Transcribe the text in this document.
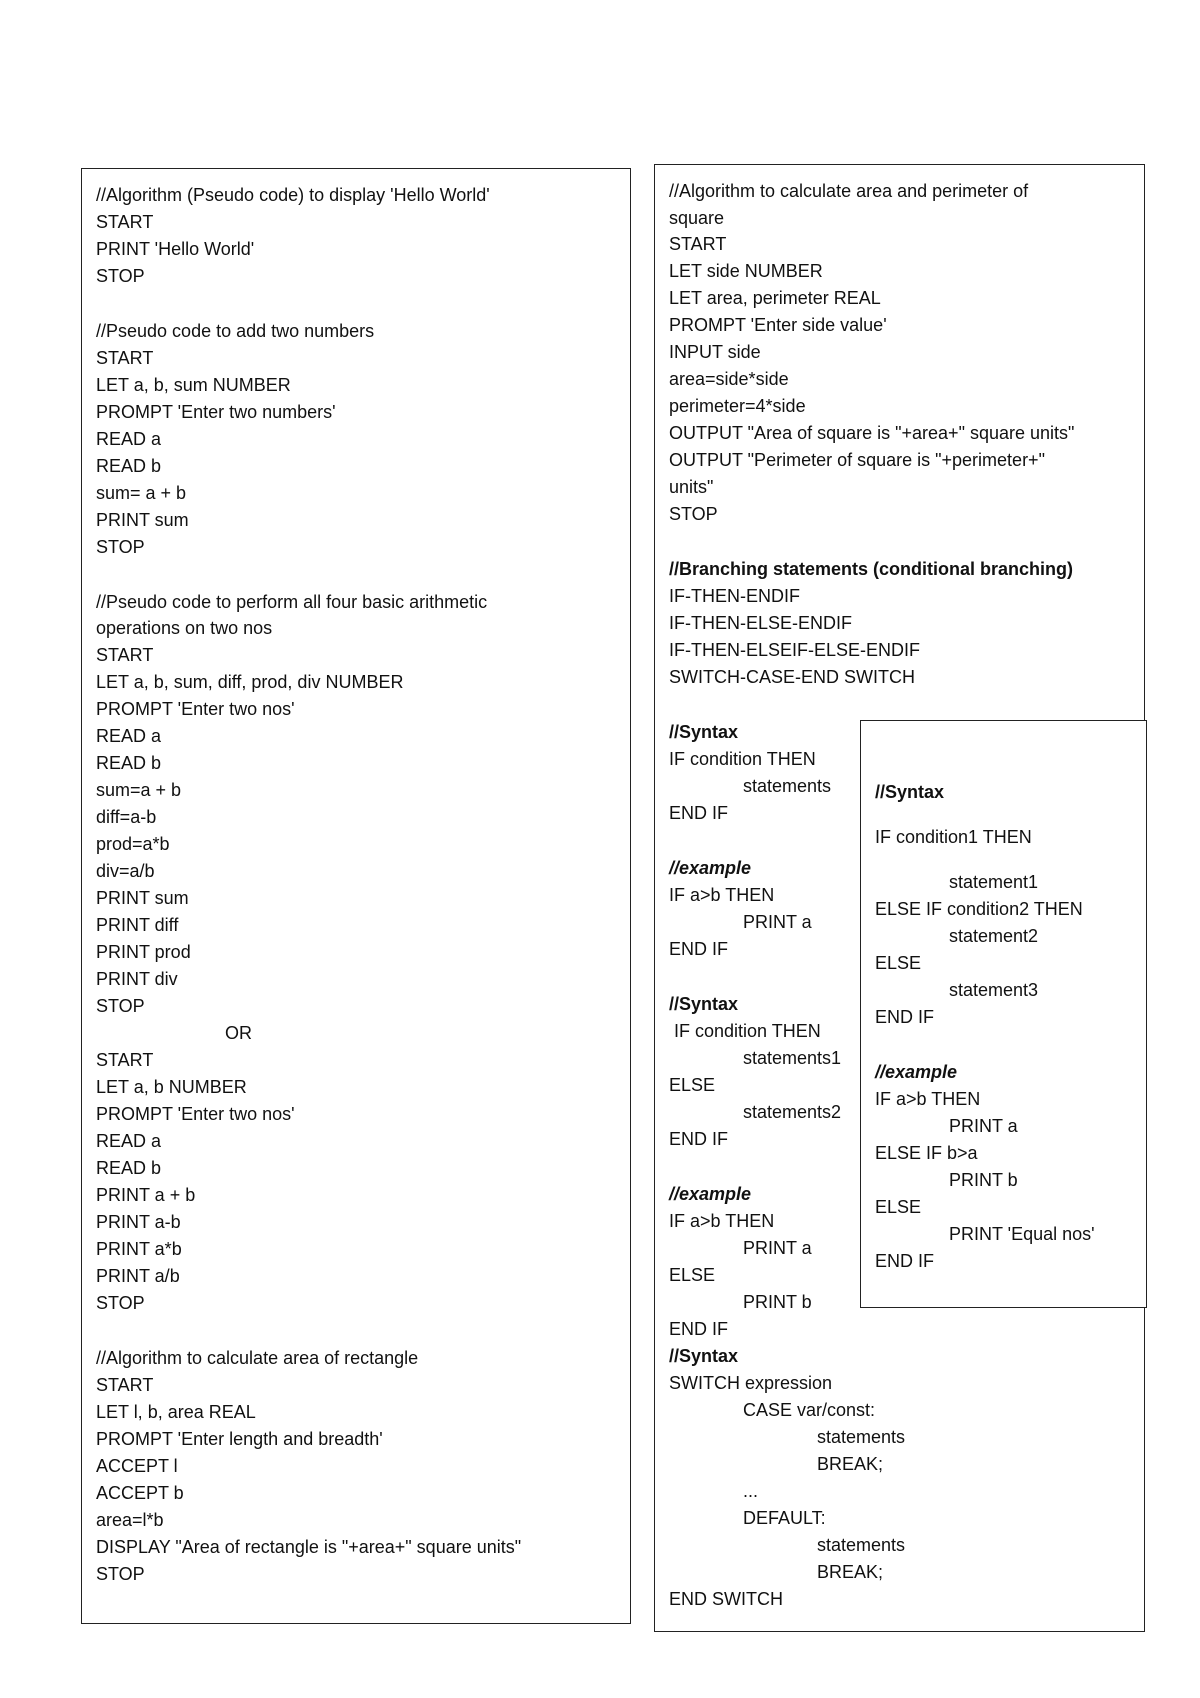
//Algorithm (Pseudo code) to display 'Hello World'
START
PRINT 'Hello World'
STOP
//Pseudo code to add two numbers
START
LET a, b, sum NUMBER
PROMPT 'Enter two numbers'
READ a
READ b
sum= a + b
PRINT sum
STOP
//Pseudo code to perform all four basic arithmetic
operations on two nos
START
LET a, b, sum, diff, prod, div NUMBER
PROMPT 'Enter two nos'
READ a
READ b
sum=a + b
diff=a-b
prod=a*b
div=a/b
PRINT sum
PRINT diff
PRINT prod
PRINT div
STOP
OR
START
LET a, b NUMBER
PROMPT 'Enter two nos'
READ a
READ b
PRINT a + b
PRINT a-b
PRINT a*b
PRINT a/b
STOP
//Algorithm to calculate area of rectangle
START
LET l, b, area REAL
PROMPT 'Enter length and breadth'
ACCEPT l
ACCEPT b
area=l*b
DISPLAY "Area of rectangle is "+area+" square units"
STOP
//Algorithm to calculate area and perimeter of
square
START
LET side NUMBER
LET area, perimeter REAL
PROMPT 'Enter side value'
INPUT side
area=side*side
perimeter=4*side
OUTPUT "Area of square is "+area+" square units"
OUTPUT "Perimeter of square is "+perimeter+"
units"
STOP
//Branching statements (conditional branching)
IF-THEN-ENDIF
IF-THEN-ELSE-ENDIF
IF-THEN-ELSEIF-ELSE-ENDIF
SWITCH-CASE-END SWITCH
//Syntax
IF condition THEN
statements
END IF
//example
IF a>b THEN
PRINT a
END IF
//Syntax
IF condition THEN
statements1
ELSE
statements2
END IF
//example
IF a>b THEN
PRINT a
ELSE
PRINT b
END IF
//Syntax
SWITCH expression
CASE var/const:
statements
BREAK;
...
DEFAULT:
statements
BREAK;
END SWITCH
//Syntax
IF condition1 THEN
statement1
ELSE IF condition2 THEN
statement2
ELSE
statement3
END IF
//example
IF a>b THEN
PRINT a
ELSE IF b>a
PRINT b
ELSE
PRINT 'Equal nos'
END IF
